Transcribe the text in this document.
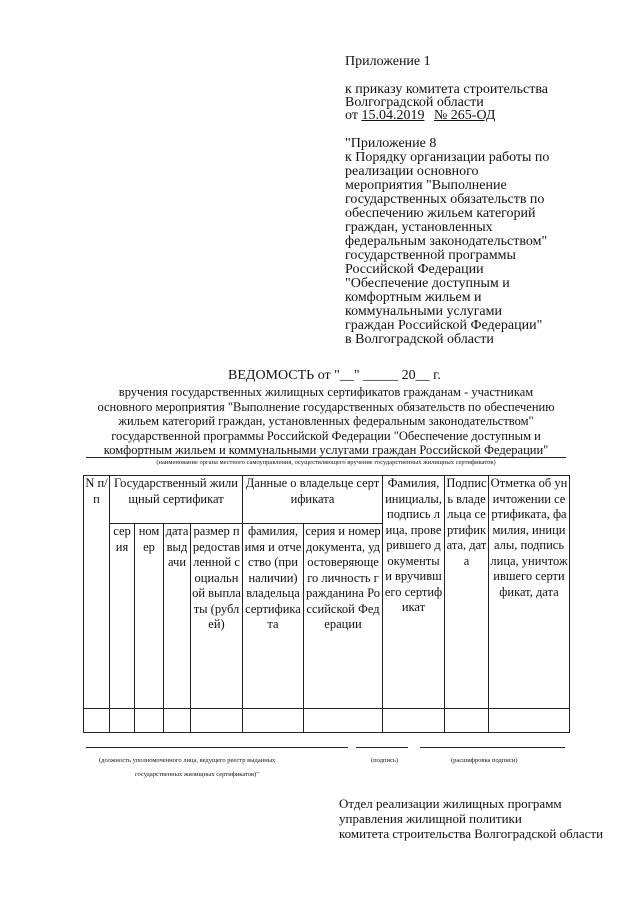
Приложение 1
к приказу комитета строительства
Волгоградской области
от 15.04.2019 № 265-ОД
"Приложение 8
к Порядку организации работы по
реализации основного
мероприятия "Выполнение
государственных обязательств по
обеспечению жильем категорий
граждан, установленных
федеральным законодательством"
государственной программы
Российской Федерации
"Обеспечение доступным и
комфортным жильем и
коммунальными услугами
граждан Российской Федерации"
в Волгоградской области
ВЕДОМОСТЬ от "__" _____ 20__ г.
вручения государственных жилищных сертификатов гражданам - участникам
основного мероприятия "Выполнение государственных обязательств по обеспечению
жильем категорий граждан, установленных федеральным законодательством"
государственной программы Российской Федерации "Обеспечение доступным и
комфортным жильем и коммунальными услугами граждан Российской Федерации"
(наименование органа местного самоуправления, осуществляющего вручение государственных жилищных сертификатов)
N п/п	Государственный жилищный сертификат				Данные о владельце сертификата		Фамилия, инициалы, подпись лица, проверившего документы и вручившего сертификат	Подпись владельца сертификата, дата	Отметка об уничтожении сертификата, фамилия, инициалы, подпись лица, уничтожившего сертификат, дата
	серия	номер	дата выдачи	размер предоставленной социальной выплаты (рублей)	фамилия, имя и отчество (при наличии) владельца сертификата	серия и номер документа, удостоверяющего личность гражданина Российской Федерации			

(должность уполномоченного лица, ведущего реестр выданных
государственных жилищных сертификатов)"
(подпись)	(расшифровка подписи)
Отдел реализации жилищных программ
управления жилищной политики
комитета строительства Волгоградской области
